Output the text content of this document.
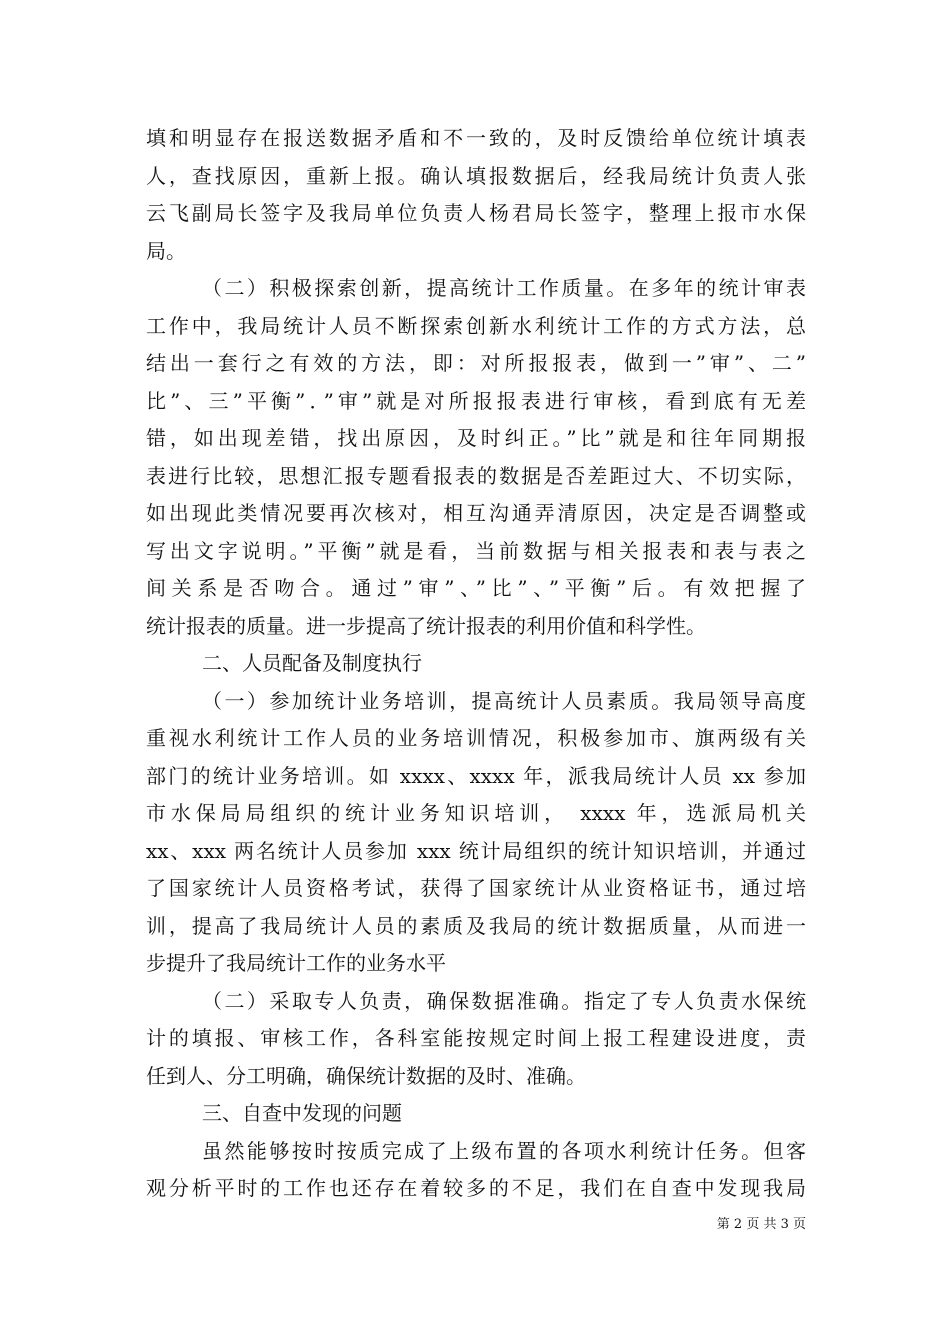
填和明显存在报送数据矛盾和不一致的，及时反馈给单位统计填表
人，查找原因，重新上报。确认填报数据后，经我局统计负责人张
云飞副局长签字及我局单位负责人杨君局长签字，整理上报市水保
局。
（二）积极探索创新，提高统计工作质量。在多年的统计审表
工作中，我局统计人员不断探索创新水利统计工作的方式方法，总
结出一套行之有效的方法，即：对所报报表，做到一”审”、二”
比”、三”平衡”．”审”就是对所报报表进行审核，看到底有无差
错，如出现差错，找出原因，及时纠正。”比”就是和往年同期报
表进行比较，思想汇报专题看报表的数据是否差距过大、不切实际，
如出现此类情况要再次核对，相互沟通弄清原因，决定是否调整或
写出文字说明。”平衡”就是看，当前数据与相关报表和表与表之
间关系是否吻合。通过”审”、”比”、”平衡”后。有效把握了
统计报表的质量。进一步提高了统计报表的利用价值和科学性。
二、人员配备及制度执行
（一）参加统计业务培训，提高统计人员素质。我局领导高度
重视水利统计工作人员的业务培训情况，积极参加市、旗两级有关
部门的统计业务培训。如 xxxx、xxxx 年，派我局统计人员 xx 参加
市水保局局组织的统计业务知识培训， xxxx 年，选派局机关
xx、xxx 两名统计人员参加 xxx 统计局组织的统计知识培训，并通过
了国家统计人员资格考试，获得了国家统计从业资格证书，通过培
训，提高了我局统计人员的素质及我局的统计数据质量，从而进一
步提升了我局统计工作的业务水平
（二）采取专人负责，确保数据准确。指定了专人负责水保统
计的填报、审核工作，各科室能按规定时间上报工程建设进度，责
任到人、分工明确，确保统计数据的及时、准确。
三、自查中发现的问题
虽然能够按时按质完成了上级布置的各项水利统计任务。但客
观分析平时的工作也还存在着较多的不足，我们在自查中发现我局
第 2 页 共 3 页
